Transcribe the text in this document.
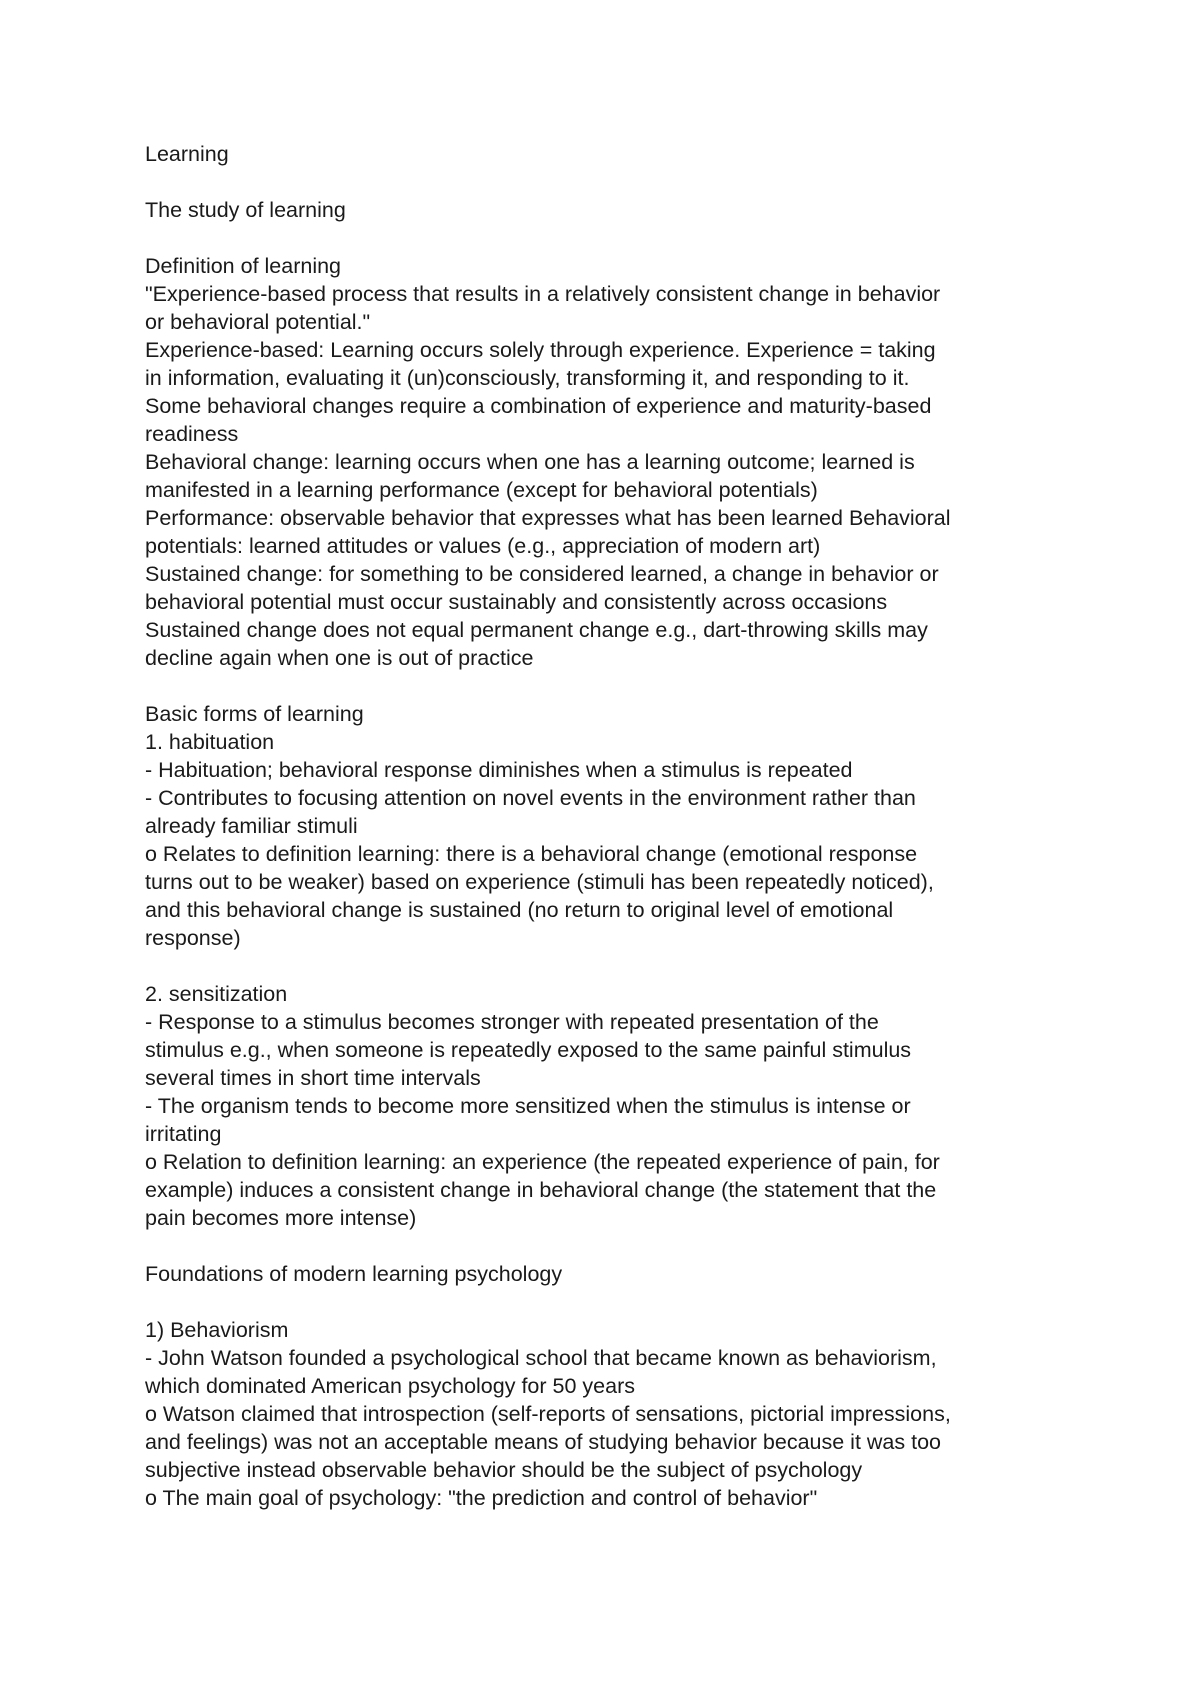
Learning
The study of learning
Definition of learning
"Experience-based process that results in a relatively consistent change in behavior
or behavioral potential."
Experience-based: Learning occurs solely through experience. Experience = taking
in information, evaluating it (un)consciously, transforming it, and responding to it.
Some behavioral changes require a combination of experience and maturity-based
readiness
Behavioral change: learning occurs when one has a learning outcome; learned is
manifested in a learning performance (except for behavioral potentials)
Performance: observable behavior that expresses what has been learned Behavioral
potentials: learned attitudes or values (e.g., appreciation of modern art)
Sustained change: for something to be considered learned, a change in behavior or
behavioral potential must occur sustainably and consistently across occasions
Sustained change does not equal permanent change e.g., dart-throwing skills may
decline again when one is out of practice
Basic forms of learning
1. habituation
- Habituation; behavioral response diminishes when a stimulus is repeated
- Contributes to focusing attention on novel events in the environment rather than
already familiar stimuli
o Relates to definition learning: there is a behavioral change (emotional response
turns out to be weaker) based on experience (stimuli has been repeatedly noticed),
and this behavioral change is sustained (no return to original level of emotional
response)
2. sensitization
- Response to a stimulus becomes stronger with repeated presentation of the
stimulus e.g., when someone is repeatedly exposed to the same painful stimulus
several times in short time intervals
- The organism tends to become more sensitized when the stimulus is intense or
irritating
o Relation to definition learning: an experience (the repeated experience of pain, for
example) induces a consistent change in behavioral change (the statement that the
pain becomes more intense)
Foundations of modern learning psychology
1) Behaviorism
- John Watson founded a psychological school that became known as behaviorism,
which dominated American psychology for 50 years
o Watson claimed that introspection (self-reports of sensations, pictorial impressions,
and feelings) was not an acceptable means of studying behavior because it was too
subjective instead observable behavior should be the subject of psychology
o The main goal of psychology: "the prediction and control of behavior"
